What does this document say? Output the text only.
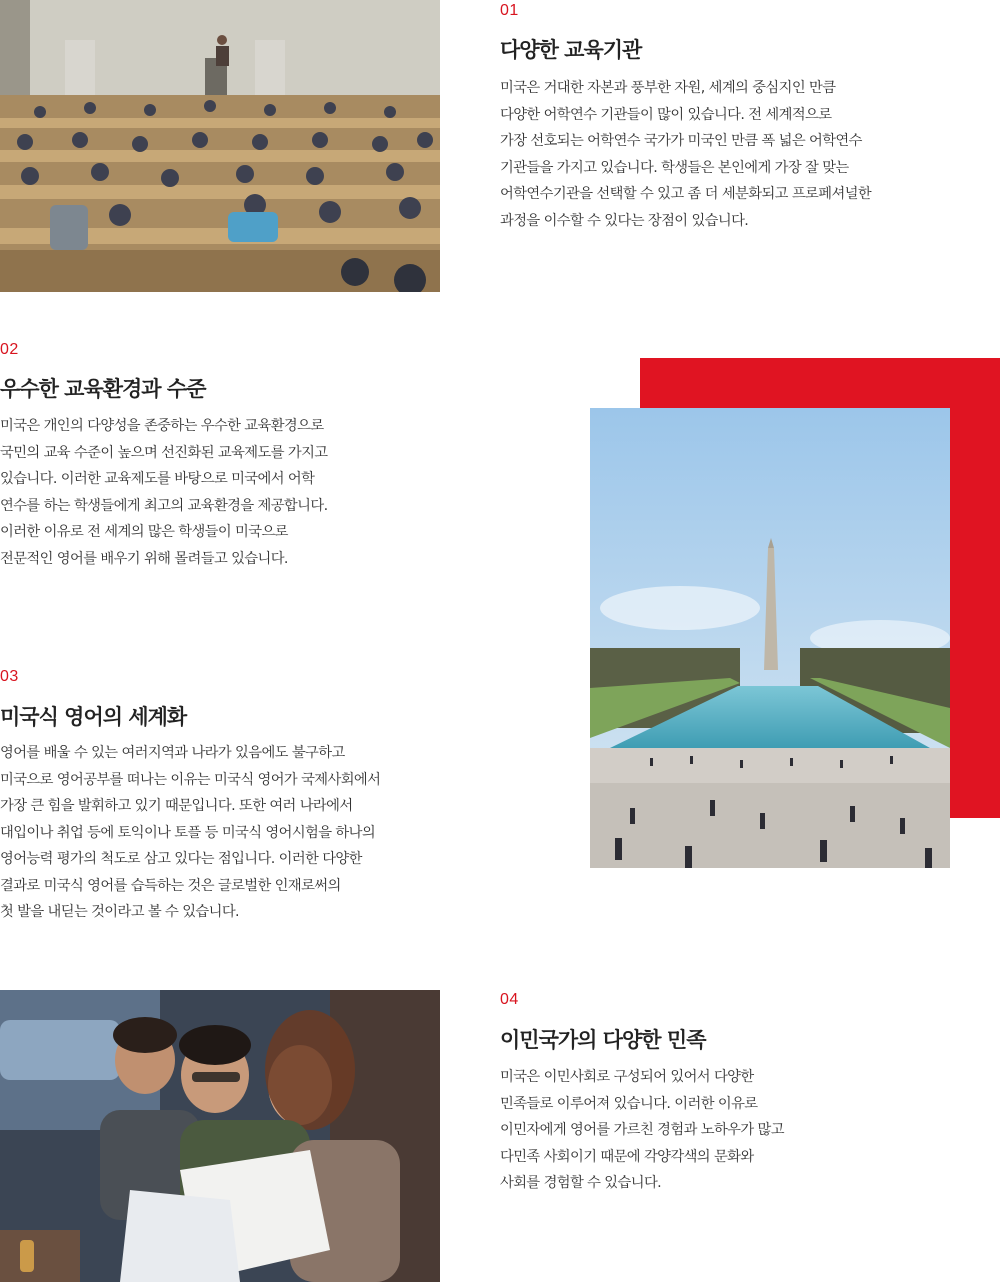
01
다양한 교육기관

미국은 거대한 자본과 풍부한 자원, 세계의 중심지인 만큼

다양한 어학연수 기관들이 많이 있습니다. 전 세계적으로

가장 선호되는 어학연수 국가가 미국인 만큼 폭 넓은 어학연수

기관들을 가지고 있습니다. 학생들은 본인에게 가장 잘 맞는

어학연수기관을 선택할 수 있고 좀 더 세분화되고 프로페셔널한

과정을 이수할 수 있다는 장점이 있습니다.

02
우수한 교육환경과 수준

미국은 개인의 다양성을 존중하는 우수한 교육환경으로

국민의 교육 수준이 높으며 선진화된 교육제도를 가지고

있습니다. 이러한 교육제도를 바탕으로 미국에서 어학

연수를 하는 학생들에게 최고의 교육환경을 제공합니다.

이러한 이유로 전 세계의 많은 학생들이 미국으로

전문적인 영어를 배우기 위해 몰려들고 있습니다.

03
미국식 영어의 세계화

영어를 배울 수 있는 여러지역과 나라가 있음에도 불구하고

미국으로 영어공부를 떠나는 이유는 미국식 영어가 국제사회에서

가장 큰 힘을 발휘하고 있기 때문입니다. 또한 여러 나라에서

대입이나 취업 등에 토익이나 토플 등 미국식 영어시험을 하나의

영어능력 평가의 척도로 삼고 있다는 점입니다. 이러한 다양한

결과로 미국식 영어를 습득하는 것은 글로벌한 인재로써의

첫 발을 내딛는 것이라고 볼 수 있습니다.

04
이민국가의 다양한 민족

미국은 이민사회로 구성되어 있어서 다양한

민족들로 이루어져 있습니다. 이러한 이유로

이민자에게 영어를 가르친 경험과 노하우가 많고

다민족 사회이기 때문에 각양각색의 문화와

사회를 경험할 수 있습니다.
